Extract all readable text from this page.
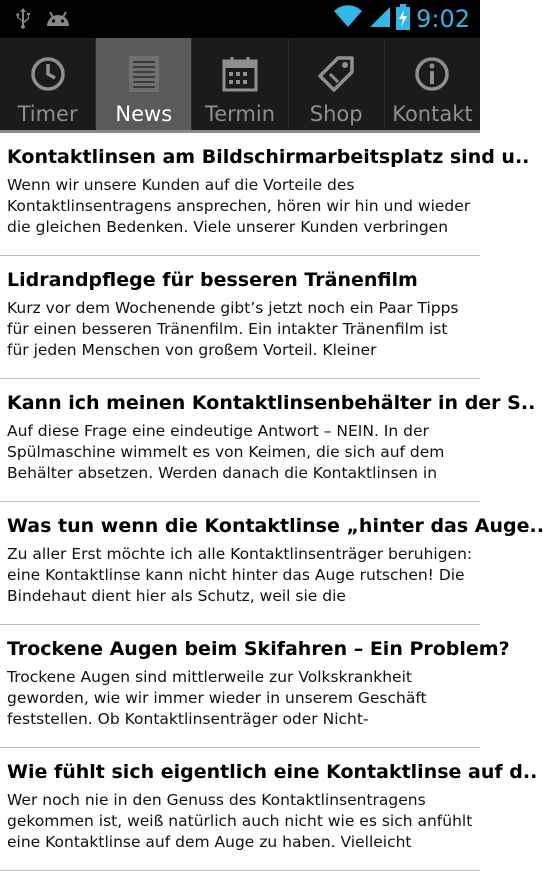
9:02
Timer News Termin Shop Kontakt
Kontaktlinsen am Bildschirmarbeitsplatz sind u..
Wenn wir unsere Kunden auf die Vorteile des Kontaktlinsentragens ansprechen, hören wir hin und wieder die gleichen Bedenken. Viele unserer Kunden verbringen
Lidrandpflege für besseren Tränenfilm
Kurz vor dem Wochenende gibt’s jetzt noch ein Paar Tipps für einen besseren Tränenfilm. Ein intakter Tränenfilm ist für jeden Menschen von großem Vorteil. Kleiner
Kann ich meinen Kontaktlinsenbehälter in der S..
Auf diese Frage eine eindeutige Antwort – NEIN. In der Spülmaschine wimmelt es von Keimen, die sich auf dem Behälter absetzen. Werden danach die Kontaktlinsen in
Was tun wenn die Kontaktlinse „hinter das Auge..
Zu aller Erst möchte ich alle Kontaktlinsenträger beruhigen: eine Kontaktlinse kann nicht hinter das Auge rutschen! Die Bindehaut dient hier als Schutz, weil sie die
Trockene Augen beim Skifahren – Ein Problem?
Trockene Augen sind mittlerweile zur Volkskrankheit geworden, wie wir immer wieder in unserem Geschäft feststellen. Ob Kontaktlinsenträger oder Nicht-
Wie fühlt sich eigentlich eine Kontaktlinse auf d..
Wer noch nie in den Genuss des Kontaktlinsentragens gekommen ist, weiß natürlich auch nicht wie es sich anfühlt eine Kontaktlinse auf dem Auge zu haben. Vielleicht
